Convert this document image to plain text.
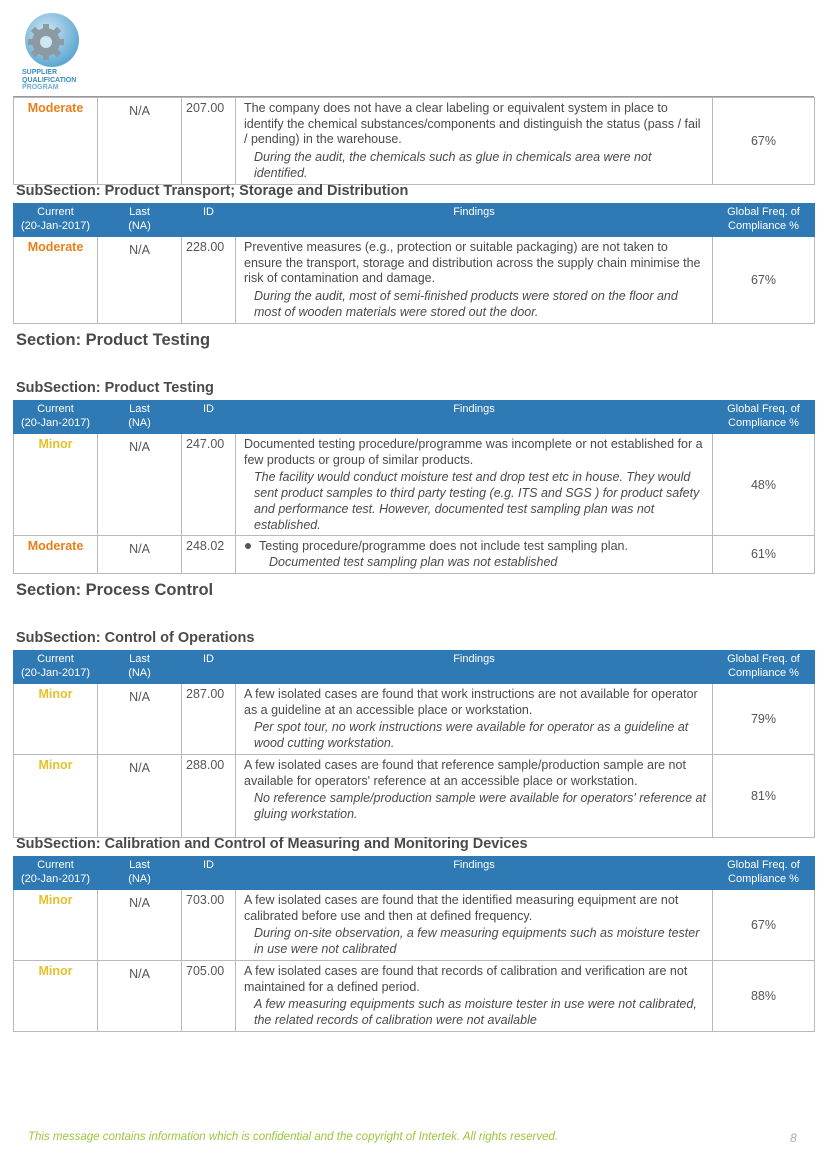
SUPPLIER
QUALIFICATION
PROGRAM
Moderate	N/A	207.00	The company does not have a clear labeling or equivalent system in place to identify the chemical substances/components and distinguish the status (pass / fail / pending) in the warehouse.
During the audit, the chemicals such as glue in chemicals area were not identified.
	67%
SubSection: Product Transport; Storage and Distribution
Current
(20-Jan-2017)	Last
(NA)	ID	Findings	Global Freq. of
Compliance %
Moderate	N/A	228.00	Preventive measures (e.g., protection or suitable packaging) are not taken to ensure the transport, storage and distribution across the supply chain minimise the risk of contamination and damage.
During the audit, most of semi-finished products were stored on the floor and most of wooden materials were stored out the door.	67%
Section: Product Testing
SubSection: Product Testing
Current
(20-Jan-2017)	Last
(NA)	ID	Findings	Global Freq. of
Compliance %
Minor	N/A	247.00	Documented testing procedure/programme was incomplete or not established for a few products or group of similar products.
The facility would conduct moisture test and drop test etc in house. They would sent product samples to third party testing (e.g. ITS and SGS ) for product safety and performance test. However, documented test sampling plan was not established.	48%
Moderate	N/A	248.02	Testing procedure/programme does not include test sampling plan.
Documented test sampling plan was not established	61%
Section: Process Control
SubSection: Control of Operations
Current
(20-Jan-2017)	Last
(NA)	ID	Findings	Global Freq. of
Compliance %
Minor	N/A	287.00	A few isolated cases are found that work instructions are not available for operator as a guideline at an accessible place or workstation.
Per spot tour, no work instructions were available for operator as a guideline at wood cutting workstation.	79%
Minor	N/A	288.00	A few isolated cases are found that reference sample/production sample are not available for operators' reference at an accessible place or workstation.
No reference sample/production sample were available for operators' reference at gluing workstation.	81%
SubSection: Calibration and Control of Measuring and Monitoring Devices
Current
(20-Jan-2017)	Last
(NA)	ID	Findings	Global Freq. of
Compliance %
Minor	N/A	703.00	A few isolated cases are found that the identified measuring equipment are not calibrated before use and then at defined frequency.
During on-site observation, a few measuring equipments such as moisture tester in use were not calibrated	67%
Minor	N/A	705.00	A few isolated cases are found that records of calibration and verification are not maintained for a defined period.
A few measuring equipments such as moisture tester in use were not calibrated, the related records of calibration were not available	88%
This message contains information which is confidential and the copyright of Intertek. All rights reserved.	8
